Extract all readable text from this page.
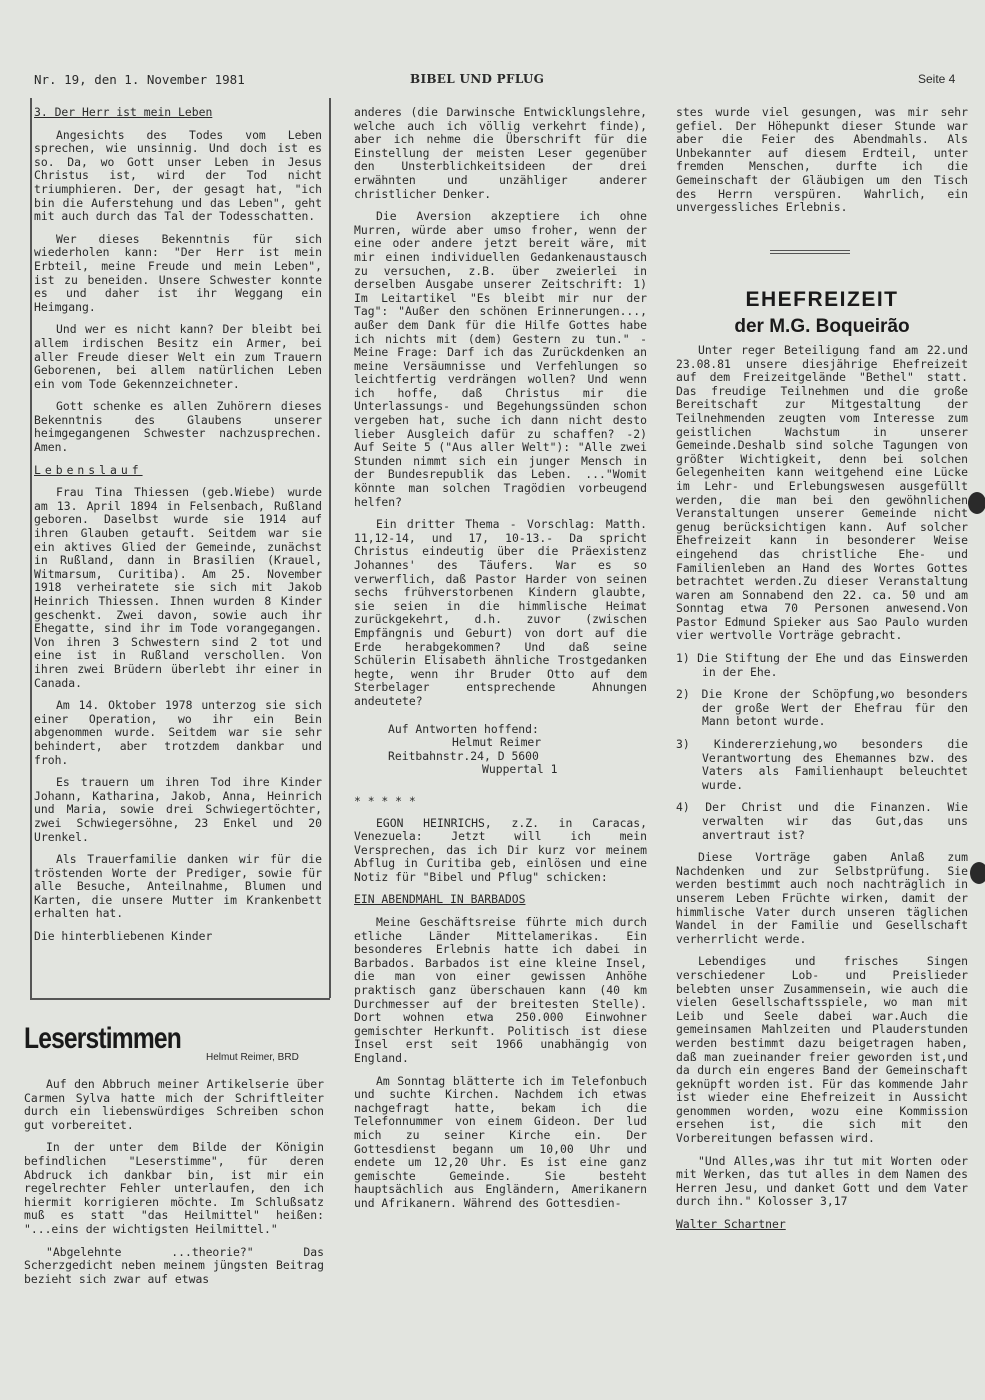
Nr. 19, den 1. November 1981	BIBEL UND PFLUG	Seite 4

3. Der Herr ist mein Leben

Angesichts des Todes vom Leben sprechen, wie unsinnig. Und doch ist es so. Da, wo Gott unser Leben in Jesus Christus ist, wird der Tod nicht triumphieren. Der, der gesagt hat, "ich bin die Auferstehung und das Leben", geht mit auch durch das Tal der Todesschatten.

Wer dieses Bekenntnis für sich wiederholen kann: "Der Herr ist mein Erbteil, meine Freude und mein Leben", ist zu beneiden. Unsere Schwester konnte es und daher ist ihr Weggang ein Heimgang.

Und wer es nicht kann? Der bleibt bei allem irdischen Besitz ein Armer, bei aller Freude dieser Welt ein zum Trauern Geborenen, bei allem natürlichen Leben ein vom Tode Gekennzeichneter.

Gott schenke es allen Zuhörern dieses Bekenntnis des Glaubens unserer heimgegangenen Schwester nachzusprechen. Amen.

Lebenslauf

Frau Tina Thiessen (geb.Wiebe) wurde am 13. April 1894 in Felsenbach, Rußland geboren. Daselbst wurde sie 1914 auf ihren Glauben getauft. Seitdem war sie ein aktives Glied der Gemeinde, zunächst in Rußland, dann in Brasilien (Krauel, Witmarsum, Curitiba). Am 25. November 1918 verheiratete sie sich mit Jakob Heinrich Thiessen. Ihnen wurden 8 Kinder geschenkt. Zwei davon, sowie auch ihr Ehegatte, sind ihr im Tode vorangegangen. Von ihren 3 Schwestern sind 2 tot und eine ist in Rußland verschollen. Von ihren zwei Brüdern überlebt ihr einer in Canada.

Am 14. Oktober 1978 unterzog sie sich einer Operation, wo ihr ein Bein abgenommen wurde. Seitdem war sie sehr behindert, aber trotzdem dankbar und froh.

Es trauern um ihren Tod ihre Kinder Johann, Katharina, Jakob, Anna, Heinrich und Maria, sowie drei Schwiegertöchter, zwei Schwiegersöhne, 23 Enkel und 20 Urenkel.

Als Trauerfamilie danken wir für die tröstenden Worte der Prediger, sowie für alle Besuche, Anteilnahme, Blumen und Karten, die unsere Mutter im Krankenbett erhalten hat.

Die hinterbliebenen Kinder

Leserstimmen
Helmut Reimer, BRD

Auf den Abbruch meiner Artikelserie über Carmen Sylva hatte mich der Schriftleiter durch ein liebenswürdiges Schreiben schon gut vorbereitet.

In der unter dem Bilde der Königin befindlichen "Leserstimme", für deren Abdruck ich dankbar bin, ist mir ein regelrechter Fehler unterlaufen, den ich hiermit korrigieren möchte. Im Schlußsatz muß es statt "das Heilmittel" heißen: "...eins der wichtigsten Heilmittel."

"Abgelehnte ...theorie?" Das Scherzgedicht neben meinem jüngsten Beitrag bezieht sich zwar auf etwas

anderes (die Darwinsche Entwicklungslehre, welche auch ich völlig verkehrt finde), aber ich nehme die Überschrift für die Einstellung der meisten Leser gegenüber den Unsterblichkeitsideen der drei erwähnten und unzähliger anderer christlicher Denker.

Die Aversion akzeptiere ich ohne Murren, würde aber umso froher, wenn der eine oder andere jetzt bereit wäre, mit mir einen individuellen Gedankenaustausch zu versuchen, z.B. über zweierlei in derselben Ausgabe unserer Zeitschrift: 1) Im Leitartikel "Es bleibt mir nur der Tag": "Außer den schönen Erinnerungen..., außer dem Dank für die Hilfe Gottes habe ich nichts mit (dem) Gestern zu tun." - Meine Frage: Darf ich das Zurückdenken an meine Versäumnisse und Verfehlungen so leichtfertig verdrängen wollen? Und wenn ich hoffe, daß Christus mir die Unterlassungs- und Begehungssünden schon vergeben hat, suche ich dann nicht desto lieber Ausgleich dafür zu schaffen? -2) Auf Seite 5 ("Aus aller Welt"): "Alle zwei Stunden nimmt sich ein junger Mensch in der Bundesrepublik das Leben. ..."Womit könnte man solchen Tragödien vorbeugend helfen?

Ein dritter Thema - Vorschlag: Matth. 11,12-14, und 17, 10-13.- Da spricht Christus eindeutig über die Präexistenz Johannes' des Täufers. War es so verwerflich, daß Pastor Harder von seinen sechs frühverstorbenen Kindern glaubte, sie seien in die himmlische Heimat zurückgekehrt, d.h. zuvor (zwischen Empfängnis und Geburt) von dort auf die Erde herabgekommen? Und daß seine Schülerin Elisabeth ähnliche Trostgedanken hegte, wenn ihr Bruder Otto auf dem Sterbelager entsprechende Ahnungen andeutete?

Auf Antworten hoffend:
Helmut Reimer
Reitbahnstr.24, D 5600
Wuppertal 1

* * * * *

EGON HEINRICHS, z.Z. in Caracas, Venezuela: Jetzt will ich mein Versprechen, das ich Dir kurz vor meinem Abflug in Curitiba geb, einlösen und eine Notiz für "Bibel und Pflug" schicken:

EIN ABENDMAHL IN BARBADOS

Meine Geschäftsreise führte mich durch etliche Länder Mittelamerikas. Ein besonderes Erlebnis hatte ich dabei in Barbados. Barbados ist eine kleine Insel, die man von einer gewissen Anhöhe praktisch ganz überschauen kann (40 km Durchmesser auf der breitesten Stelle). Dort wohnen etwa 250.000 Einwohner gemischter Herkunft. Politisch ist diese Insel erst seit 1966 unabhängig von England.

Am Sonntag blätterte ich im Telefonbuch und suchte Kirchen. Nachdem ich etwas nachgefragt hatte, bekam ich die Telefonnummer von einem Gideon. Der lud mich zu seiner Kirche ein. Der Gottesdienst begann um 10,00 Uhr und endete um 12,20 Uhr. Es ist eine ganz gemischte Gemeinde. Sie besteht hauptsächlich aus Engländern, Amerikanern und Afrikanern. Während des Gottesdien-

stes wurde viel gesungen, was mir sehr gefiel. Der Höhepunkt dieser Stunde war aber die Feier des Abendmahls. Als Unbekannter auf diesem Erdteil, unter fremden Menschen, durfte ich die Gemeinschaft der Gläubigen um den Tisch des Herrn verspüren. Wahrlich, ein unvergessliches Erlebnis.

EHEFREIZEIT
der M.G. Boqueirão

Unter reger Beteiligung fand am 22.und 23.08.81 unsere diesjährige Ehefreizeit auf dem Freizeitgelände "Bethel" statt. Das freudige Teilnehmen und die große Bereitschaft zur Mitgestaltung der Teilnehmenden zeugten vom Interesse zum geistlichen Wachstum in unserer Gemeinde.Deshalb sind solche Tagungen von größter Wichtigkeit, denn bei solchen Gelegenheiten kann weitgehend eine Lücke im Lehr- und Erlebungswesen ausgefüllt werden, die man bei den gewöhnlichen Veranstaltungen unserer Gemeinde nicht genug berücksichtigen kann. Auf solcher Ehefreizeit kann in besonderer Weise eingehend das christliche Ehe- und Familienleben an Hand des Wortes Gottes betrachtet werden.Zu dieser Veranstaltung waren am Sonnabend den 22. ca. 50 und am Sonntag etwa 70 Personen anwesend.Von Pastor Edmund Spieker aus Sao Paulo wurden vier wertvolle Vorträge gebracht.

1) Die Stiftung der Ehe und das Einswerden in der Ehe.

2) Die Krone der Schöpfung,wo besonders der große Wert der Ehefrau für den Mann betont wurde.

3) Kindererziehung,wo besonders die Verantwortung des Ehemannes bzw. des Vaters als Familienhaupt beleuchtet wurde.

4) Der Christ und die Finanzen. Wie verwalten wir das Gut,das uns anvertraut ist?

Diese Vorträge gaben Anlaß zum Nachdenken und zur Selbstprüfung. Sie werden bestimmt auch noch nachträglich in unserem Leben Früchte wirken, damit der himmlische Vater durch unseren täglichen Wandel in der Familie und Gesellschaft verherrlicht werde.

Lebendiges und frisches Singen verschiedener Lob- und Preislieder belebten unser Zusammensein, wie auch die vielen Gesellschaftsspiele, wo man mit Leib und Seele dabei war.Auch die gemeinsamen Mahlzeiten und Plauderstunden werden bestimmt dazu beigetragen haben, daß man zueinander freier geworden ist,und da durch ein engeres Band der Gemeinschaft geknüpft worden ist. Für das kommende Jahr ist wieder eine Ehefreizeit in Aussicht genommen worden, wozu eine Kommission ersehen ist, die sich mit den Vorbereitungen befassen wird.

"Und Alles,was ihr tut mit Worten oder mit Werken, das tut alles in dem Namen des Herren Jesu, und danket Gott und dem Vater durch ihn." Kolosser 3,17

Walter Schartner
